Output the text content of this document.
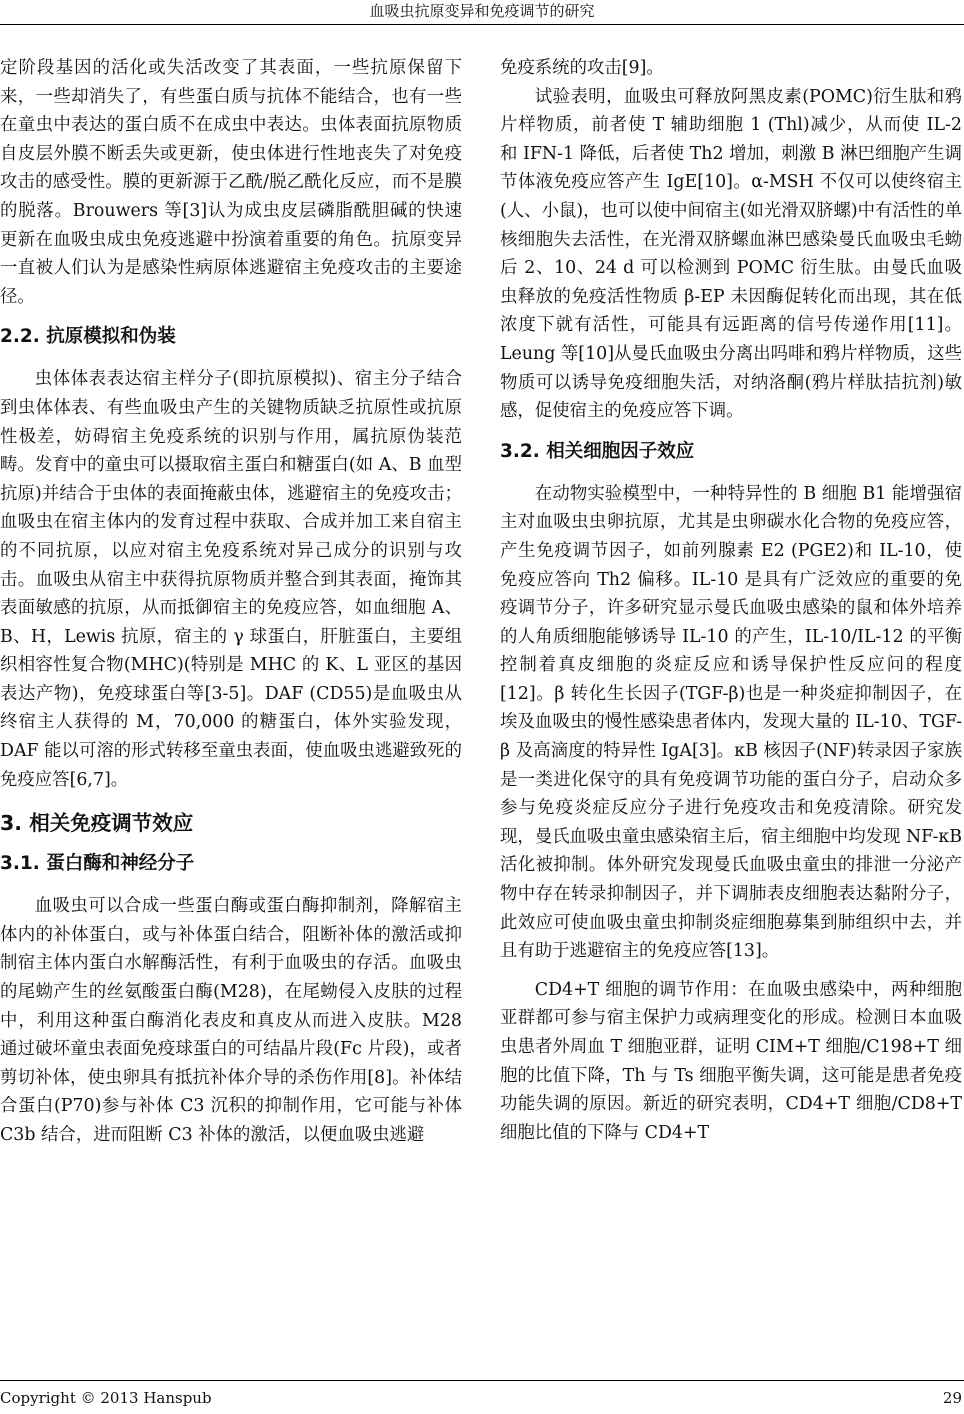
血吸虫抗原变异和免疫调节的研究

定阶段基因的活化或失活改变了其表面，一些抗原保留下来，一些却消失了，有些蛋白质与抗体不能结合，也有一些在童虫中表达的蛋白质不在成虫中表达。虫体表面抗原物质自皮层外膜不断丢失或更新，使虫体进行性地丧失了对免疫攻击的感受性。膜的更新源于乙酰/脱乙酰化反应，而不是膜的脱落。Brouwers 等[3]认为成虫皮层磷脂酰胆碱的快速更新在血吸虫成虫免疫逃避中扮演着重要的角色。抗原变异一直被人们认为是感染性病原体逃避宿主免疫攻击的主要途径。

2.2. 抗原模拟和伪装

虫体体表表达宿主样分子(即抗原模拟)、宿主分子结合到虫体体表、有些血吸虫产生的关键物质缺乏抗原性或抗原性极差，妨碍宿主免疫系统的识别与作用，属抗原伪装范畴。发育中的童虫可以摄取宿主蛋白和糖蛋白(如 A、B 血型抗原)并结合于虫体的表面掩蔽虫体，逃避宿主的免疫攻击；血吸虫在宿主体内的发育过程中获取、合成并加工来自宿主的不同抗原，以应对宿主免疫系统对异己成分的识别与攻击。血吸虫从宿主中获得抗原物质并整合到其表面，掩饰其表面敏感的抗原，从而抵御宿主的免疫应答，如血细胞 A、B、H，Lewis 抗原，宿主的 γ 球蛋白，肝脏蛋白，主要组织相容性复合物(MHC)(特别是 MHC 的 K、L 亚区的基因表达产物)，免疫球蛋白等[3-5]。DAF (CD55)是血吸虫从终宿主人获得的 M，70,000 的糖蛋白，体外实验发现，DAF 能以可溶的形式转移至童虫表面，使血吸虫逃避致死的免疫应答[6,7]。

3. 相关免疫调节效应
3.1. 蛋白酶和神经分子

血吸虫可以合成一些蛋白酶或蛋白酶抑制剂，降解宿主体内的补体蛋白，或与补体蛋白结合，阻断补体的激活或抑制宿主体内蛋白水解酶活性，有利于血吸虫的存活。血吸虫的尾蚴产生的丝氨酸蛋白酶(M28)，在尾蚴侵入皮肤的过程中，利用这种蛋白酶消化表皮和真皮从而进入皮肤。M28 通过破坏童虫表面免疫球蛋白的可结晶片段(Fc 片段)，或者剪切补体，使虫卵具有抵抗补体介导的杀伤作用[8]。补体结合蛋白(P70)参与补体 C3 沉积的抑制作用，它可能与补体 C3b 结合，进而阻断 C3 补体的激活，以便血吸虫逃避

免疫系统的攻击[9]。

试验表明，血吸虫可释放阿黑皮素(POMC)衍生肽和鸦片样物质，前者使 T 辅助细胞 1 (Thl)减少，从而使 IL-2 和 IFN-1 降低，后者使 Th2 增加，刺激 B 淋巴细胞产生调节体液免疫应答产生 IgE[10]。α-MSH 不仅可以使终宿主(人、小鼠)，也可以使中间宿主(如光滑双脐螺)中有活性的单核细胞失去活性，在光滑双脐螺血淋巴感染曼氏血吸虫毛蚴后 2、10、24 d 可以检测到 POMC 衍生肽。由曼氏血吸虫释放的免疫活性物质 β-EP 未因酶促转化而出现，其在低浓度下就有活性，可能具有远距离的信号传递作用[11]。Leung 等[10]从曼氏血吸虫分离出吗啡和鸦片样物质，这些物质可以诱导免疫细胞失活，对纳洛酮(鸦片样肽拮抗剂)敏感，促使宿主的免疫应答下调。

3.2. 相关细胞因子效应

在动物实验模型中，一种特异性的 B 细胞 B1 能增强宿主对血吸虫虫卵抗原，尤其是虫卵碳水化合物的免疫应答，产生免疫调节因子，如前列腺素 E2 (PGE2)和 IL-10，使免疫应答向 Th2 偏移。IL-10 是具有广泛效应的重要的免疫调节分子，许多研究显示曼氏血吸虫感染的鼠和体外培养的人角质细胞能够诱导 IL-10 的产生，IL-10/IL-12 的平衡控制着真皮细胞的炎症反应和诱导保护性反应问的程度[12]。β 转化生长因子(TGF-β)也是一种炎症抑制因子，在埃及血吸虫的慢性感染患者体内，发现大量的 IL-10、TGF-β 及高滴度的特异性 IgA[3]。κB 核因子(NF)转录因子家族是一类进化保守的具有免疫调节功能的蛋白分子，启动众多参与免疫炎症反应分子进行免疫攻击和免疫清除。研究发现，曼氏血吸虫童虫感染宿主后，宿主细胞中均发现 NF-κB 活化被抑制。体外研究发现曼氏血吸虫童虫的排泄一分泌产物中存在转录抑制因子，并下调肺表皮细胞表达黏附分子，此效应可使血吸虫童虫抑制炎症细胞募集到肺组织中去，并且有助于逃避宿主的免疫应答[13]。

CD4+T 细胞的调节作用：在血吸虫感染中，两种细胞亚群都可参与宿主保护力或病理变化的形成。检测日本血吸虫患者外周血 T 细胞亚群，证明 CIM+T 细胞/C198+T 细胞的比值下降，Th 与 Ts 细胞平衡失调，这可能是患者免疫功能失调的原因。新近的研究表明，CD4+T 细胞/CD8+T 细胞比值的下降与 CD4+T

Copyright © 2013 Hanspub	29
